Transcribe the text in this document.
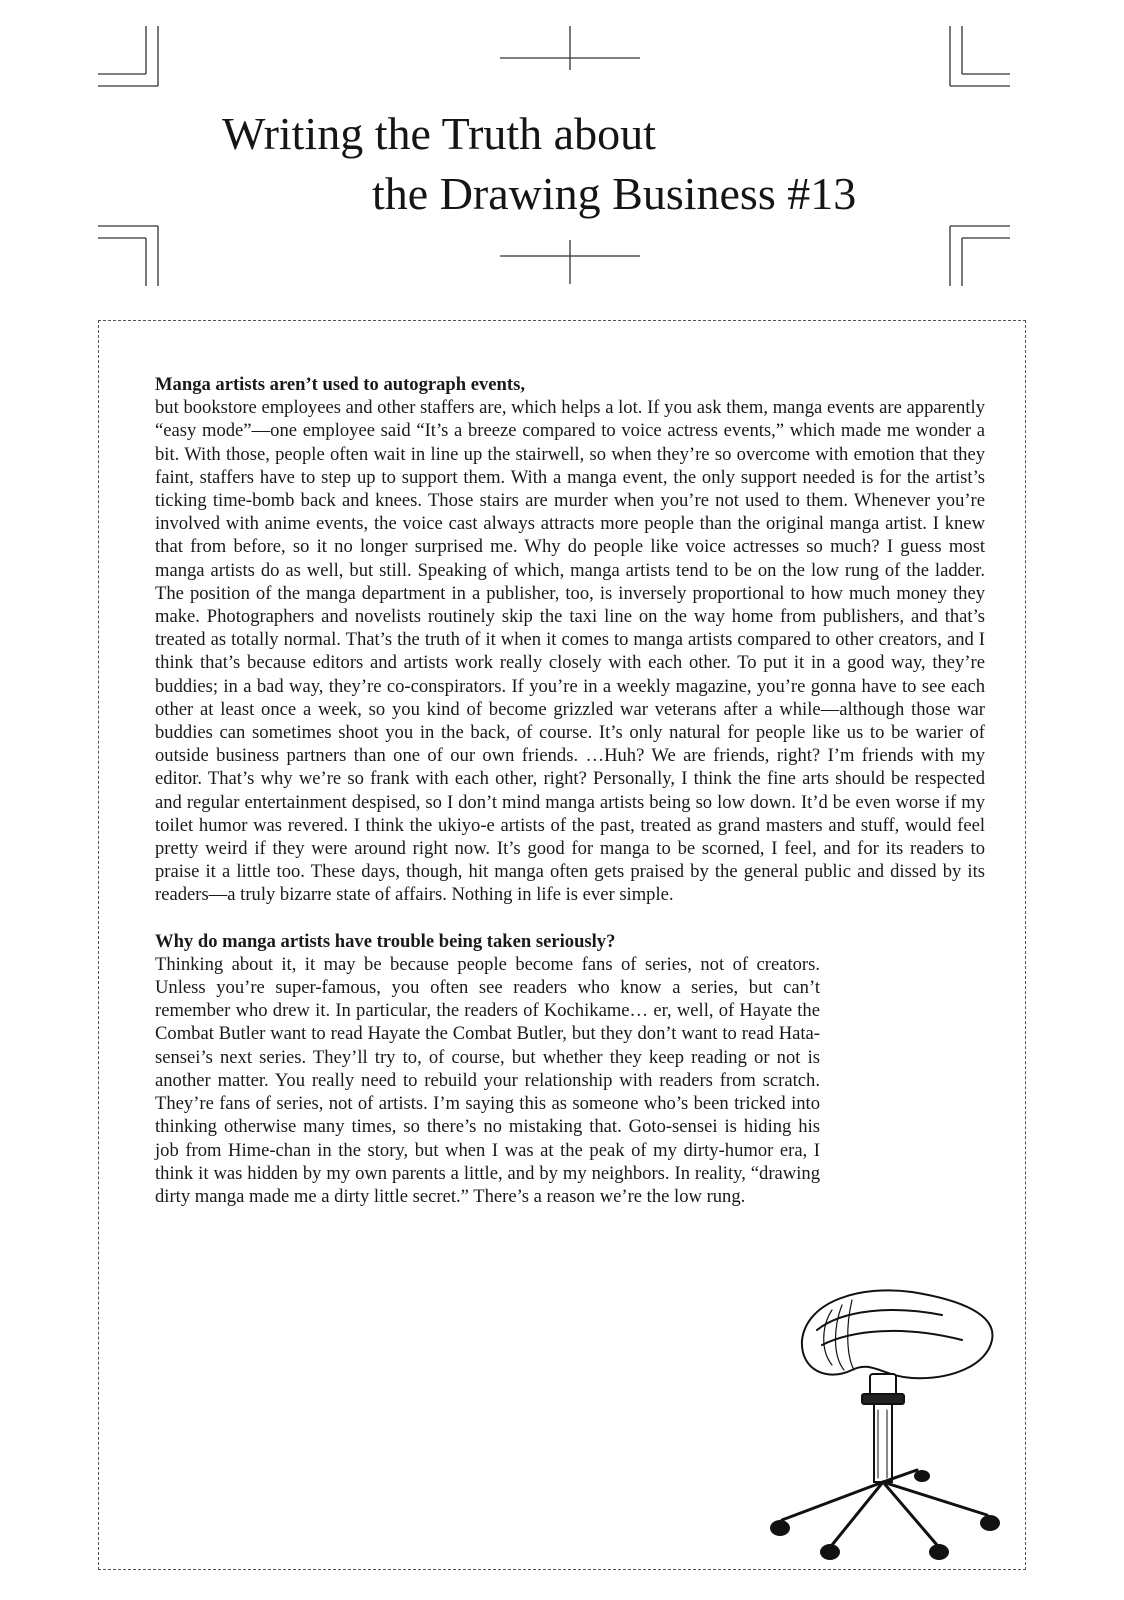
Writing the Truth about
the Drawing Business #13

Manga artists aren’t used to autograph events,

but bookstore employees and other staffers are, which helps a lot. If you ask them, manga events are apparently “easy mode”—one employee said “It’s a breeze compared to voice actress events,” which made me wonder a bit. With those, people often wait in line up the stairwell, so when they’re so overcome with emotion that they faint, staffers have to step up to support them. With a manga event, the only support needed is for the artist’s ticking time-bomb back and knees. Those stairs are murder when you’re not used to them. Whenever you’re involved with anime events, the voice cast always attracts more people than the original manga artist. I knew that from before, so it no longer surprised me. Why do people like voice actresses so much? I guess most manga artists do as well, but still. Speaking of which, manga artists tend to be on the low rung of the ladder. The position of the manga department in a publisher, too, is inversely proportional to how much money they make. Photographers and novelists routinely skip the taxi line on the way home from publishers, and that’s treated as totally normal. That’s the truth of it when it comes to manga artists compared to other creators, and I think that’s because editors and artists work really closely with each other. To put it in a good way, they’re buddies; in a bad way, they’re co-conspirators. If you’re in a weekly magazine, you’re gonna have to see each other at least once a week, so you kind of become grizzled war veterans after a while—although those war buddies can sometimes shoot you in the back, of course. It’s only natural for people like us to be warier of outside business partners than one of our own friends. …Huh? We are friends, right? I’m friends with my editor. That’s why we’re so frank with each other, right? Personally, I think the fine arts should be respected and regular entertainment despised, so I don’t mind manga artists being so low down. It’d be even worse if my toilet humor was revered. I think the ukiyo-e artists of the past, treated as grand masters and stuff, would feel pretty weird if they were around right now. It’s good for manga to be scorned, I feel, and for its readers to praise it a little too. These days, though, hit manga often gets praised by the general public and dissed by its readers—a truly bizarre state of affairs. Nothing in life is ever simple.

Why do manga artists have trouble being taken seriously?

Thinking about it, it may be because people become fans of series, not of creators. Unless you’re super-famous, you often see readers who know a series, but can’t remember who drew it. In particular, the readers of Kochikame… er, well, of Hayate the Combat Butler want to read Hayate the Combat Butler, but they don’t want to read Hata-sensei’s next series. They’ll try to, of course, but whether they keep reading or not is another matter. You really need to rebuild your relationship with readers from scratch. They’re fans of series, not of artists. I’m saying this as someone who’s been tricked into thinking otherwise many times, so there’s no mistaking that. Goto-sensei is hiding his job from Hime-chan in the story, but when I was at the peak of my dirty-humor era, I think it was hidden by my own parents a little, and by my neighbors. In reality, “drawing dirty manga made me a dirty little secret.” There’s a reason we’re the low rung.
